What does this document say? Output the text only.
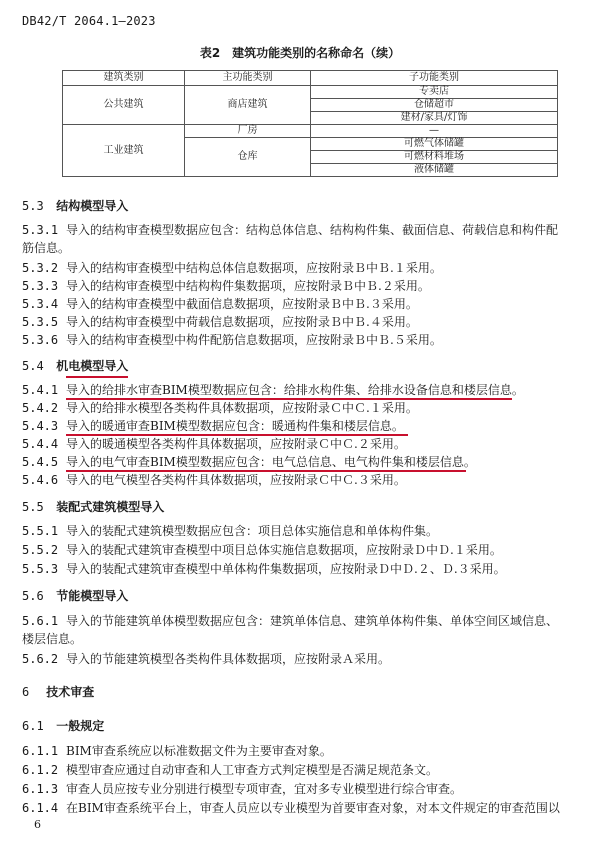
DB42/T 2064.1—2023
表2　建筑功能类别的名称命名（续）
建筑类别	主功能类别	子功能类别
公共建筑	商店建筑	专卖店
		仓储超市
		建材/家具/灯饰
工业建筑	厂房	—
	仓库	可燃气体储罐
		可燃材料堆场
		液体储罐
5.3 结构模型导入
5.3.1 导入的结构审查模型数据应包含：结构总体信息、结构构件集、截面信息、荷载信息和构件配
筋信息。
5.3.2 导入的结构审查模型中结构总体信息数据项，应按附录Ｂ中Ｂ.１采用。
5.3.3 导入的结构审查模型中结构构件集数据项，应按附录Ｂ中Ｂ.２采用。
5.3.4 导入的结构审查模型中截面信息数据项，应按附录Ｂ中Ｂ.３采用。
5.3.5 导入的结构审查模型中荷载信息数据项，应按附录Ｂ中Ｂ.４采用。
5.3.6 导入的结构审查模型中构件配筋信息数据项，应按附录Ｂ中Ｂ.５采用。
5.4 机电模型导入
5.4.1 导入的给排水审查BIM模型数据应包含：给排水构件集、给排水设备信息和楼层信息。
5.4.2 导入的给排水模型各类构件具体数据项，应按附录Ｃ中Ｃ.１采用。
5.4.3 导入的暖通审查BIM模型数据应包含：暖通构件集和楼层信息。
5.4.4 导入的暖通模型各类构件具体数据项，应按附录Ｃ中Ｃ.２采用。
5.4.5 导入的电气审查BIM模型数据应包含：电气总信息、电气构件集和楼层信息。
5.4.6 导入的电气模型各类构件具体数据项，应按附录Ｃ中Ｃ.３采用。
5.5 装配式建筑模型导入
5.5.1 导入的装配式建筑模型数据应包含：项目总体实施信息和单体构件集。
5.5.2 导入的装配式建筑审查模型中项目总体实施信息数据项，应按附录Ｄ中Ｄ.１采用。
5.5.3 导入的装配式建筑审查模型中单体构件集数据项，应按附录Ｄ中Ｄ.２、Ｄ.３采用。
5.6 节能模型导入
5.6.1 导入的节能建筑单体模型数据应包含：建筑单体信息、建筑单体构件集、单体空间区域信息、
楼层信息。
5.6.2 导入的节能建筑模型各类构件具体数据项，应按附录Ａ采用。
6 技术审查
6.1 一般规定
6.1.1 BIM审查系统应以标准数据文件为主要审查对象。
6.1.2 模型审查应通过自动审查和人工审查方式判定模型是否满足规范条文。
6.1.3 审查人员应按专业分别进行模型专项审查，宜对多专业模型进行综合审查。
6.1.4 在BIM审查系统平台上，审查人员应以专业模型为首要审查对象，对本文件规定的审查范围以
6
